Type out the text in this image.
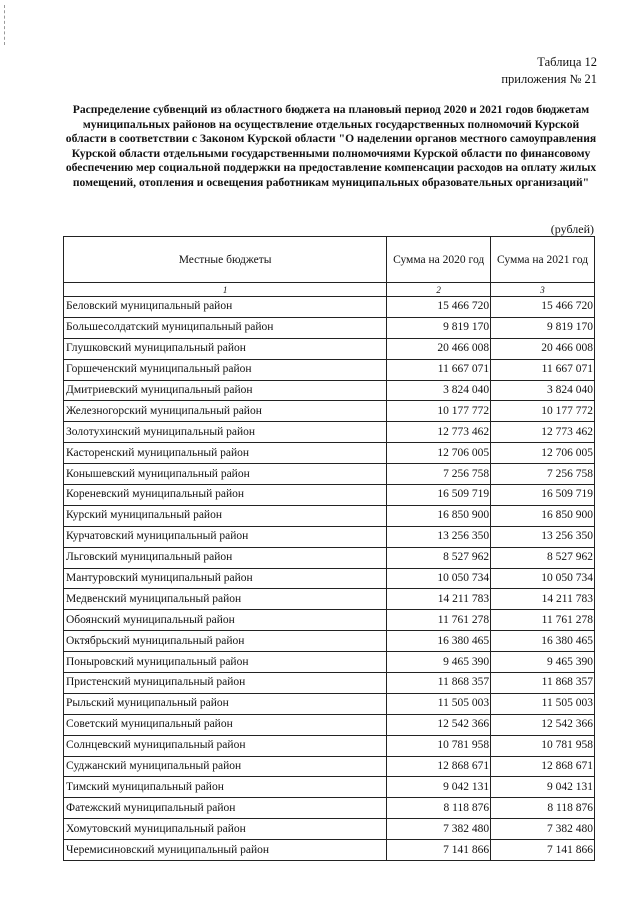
Таблица 12
приложения № 21
Распределение субвенций из областного бюджета на плановый период 2020 и 2021 годов бюджетам муниципальных районов на осуществление отдельных государственных полномочий Курской области в соответствии с Законом Курской области "О наделении органов местного самоуправления Курской области отдельными государственными полномочиями Курской области по финансовому обеспечению мер социальной поддержки на предоставление компенсации расходов на оплату жилых помещений, отопления и освещения работникам муниципальных образовательных организаций"
(рублей)
Местные бюджеты	Сумма на 2020 год	Сумма на 2021 год
1	2	3
Беловский муниципальный район	15 466 720	15 466 720
Большесолдатский муниципальный район	9 819 170	9 819 170
Глушковский муниципальный район	20 466 008	20 466 008
Горшеченский муниципальный район	11 667 071	11 667 071
Дмитриевский муниципальный район	3 824 040	3 824 040
Железногорский муниципальный район	10 177 772	10 177 772
Золотухинский муниципальный район	12 773 462	12 773 462
Касторенский муниципальный район	12 706 005	12 706 005
Конышевский муниципальный район	7 256 758	7 256 758
Кореневский муниципальный район	16 509 719	16 509 719
Курский муниципальный район	16 850 900	16 850 900
Курчатовский муниципальный район	13 256 350	13 256 350
Льговский муниципальный район	8 527 962	8 527 962
Мантуровский муниципальный район	10 050 734	10 050 734
Медвенский муниципальный район	14 211 783	14 211 783
Обоянский муниципальный район	11 761 278	11 761 278
Октябрьский муниципальный район	16 380 465	16 380 465
Поныровский муниципальный район	9 465 390	9 465 390
Пристенский муниципальный район	11 868 357	11 868 357
Рыльский муниципальный район	11 505 003	11 505 003
Советский муниципальный район	12 542 366	12 542 366
Солнцевский муниципальный район	10 781 958	10 781 958
Суджанский муниципальный район	12 868 671	12 868 671
Тимский муниципальный район	9 042 131	9 042 131
Фатежский муниципальный район	8 118 876	8 118 876
Хомутовский муниципальный район	7 382 480	7 382 480
Черемисиновский муниципальный район	7 141 866	7 141 866
